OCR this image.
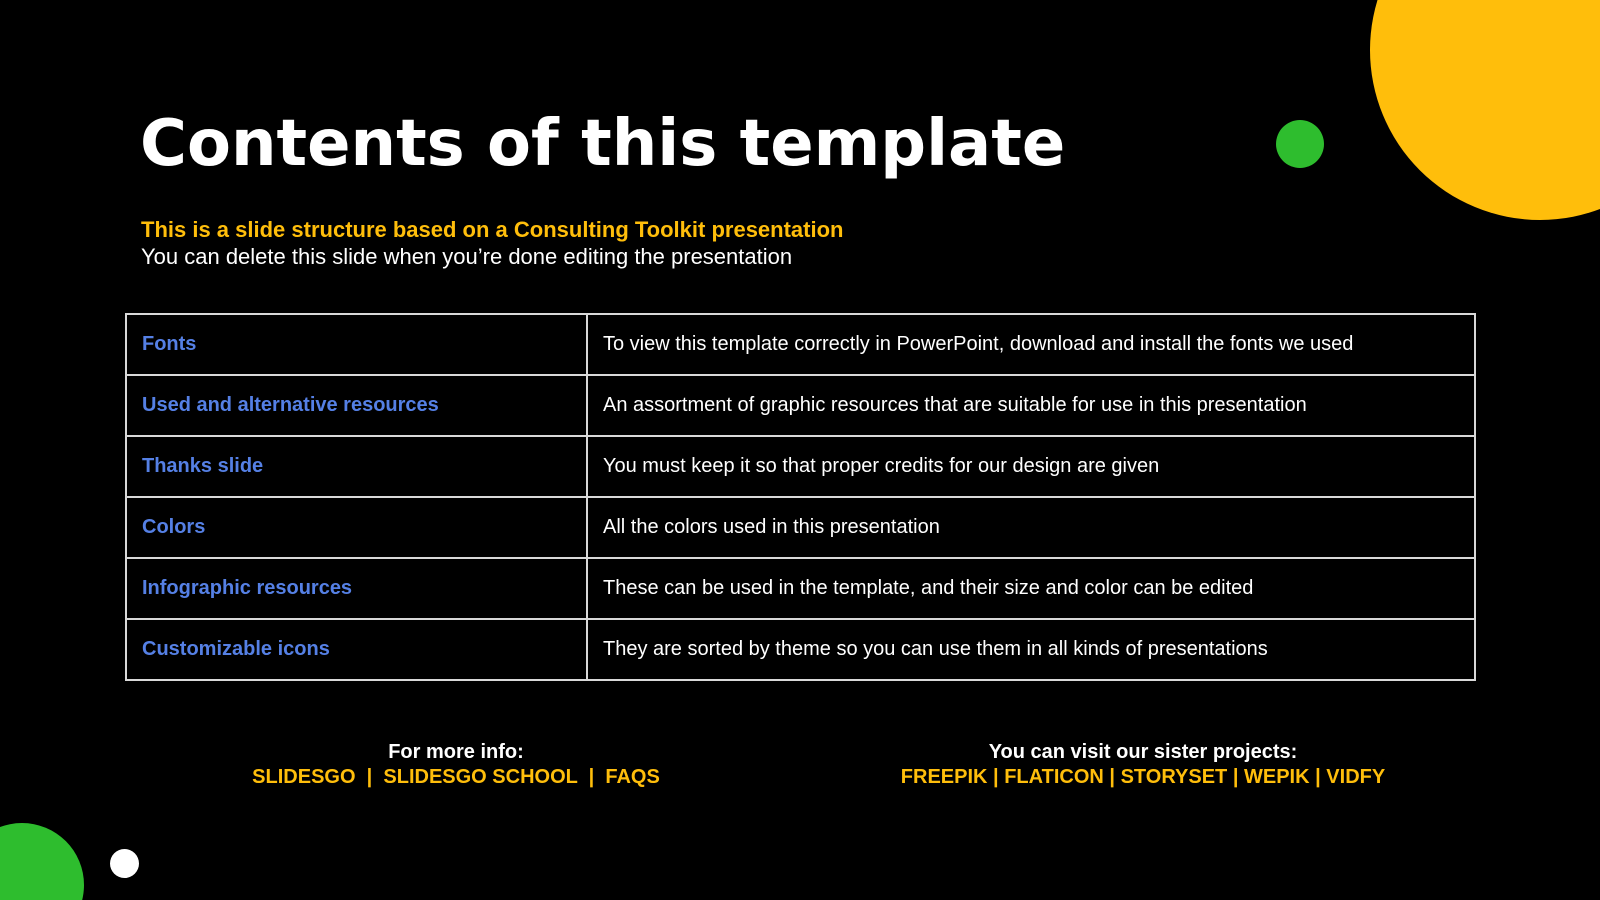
Contents of this template
This is a slide structure based on a Consulting Toolkit presentation
You can delete this slide when you’re done editing the presentation
Fonts	To view this template correctly in PowerPoint, download and install the fonts we used
Used and alternative resources	An assortment of graphic resources that are suitable for use in this presentation
Thanks slide	You must keep it so that proper credits for our design are given
Colors	All the colors used in this presentation
Infographic resources	These can be used in the template, and their size and color can be edited
Customizable icons	They are sorted by theme so you can use them in all kinds of presentations
For more info:
SLIDESGO | SLIDESGO SCHOOL | FAQS
You can visit our sister projects:
FREEPIK | FLATICON | STORYSET | WEPIK | VIDFY
